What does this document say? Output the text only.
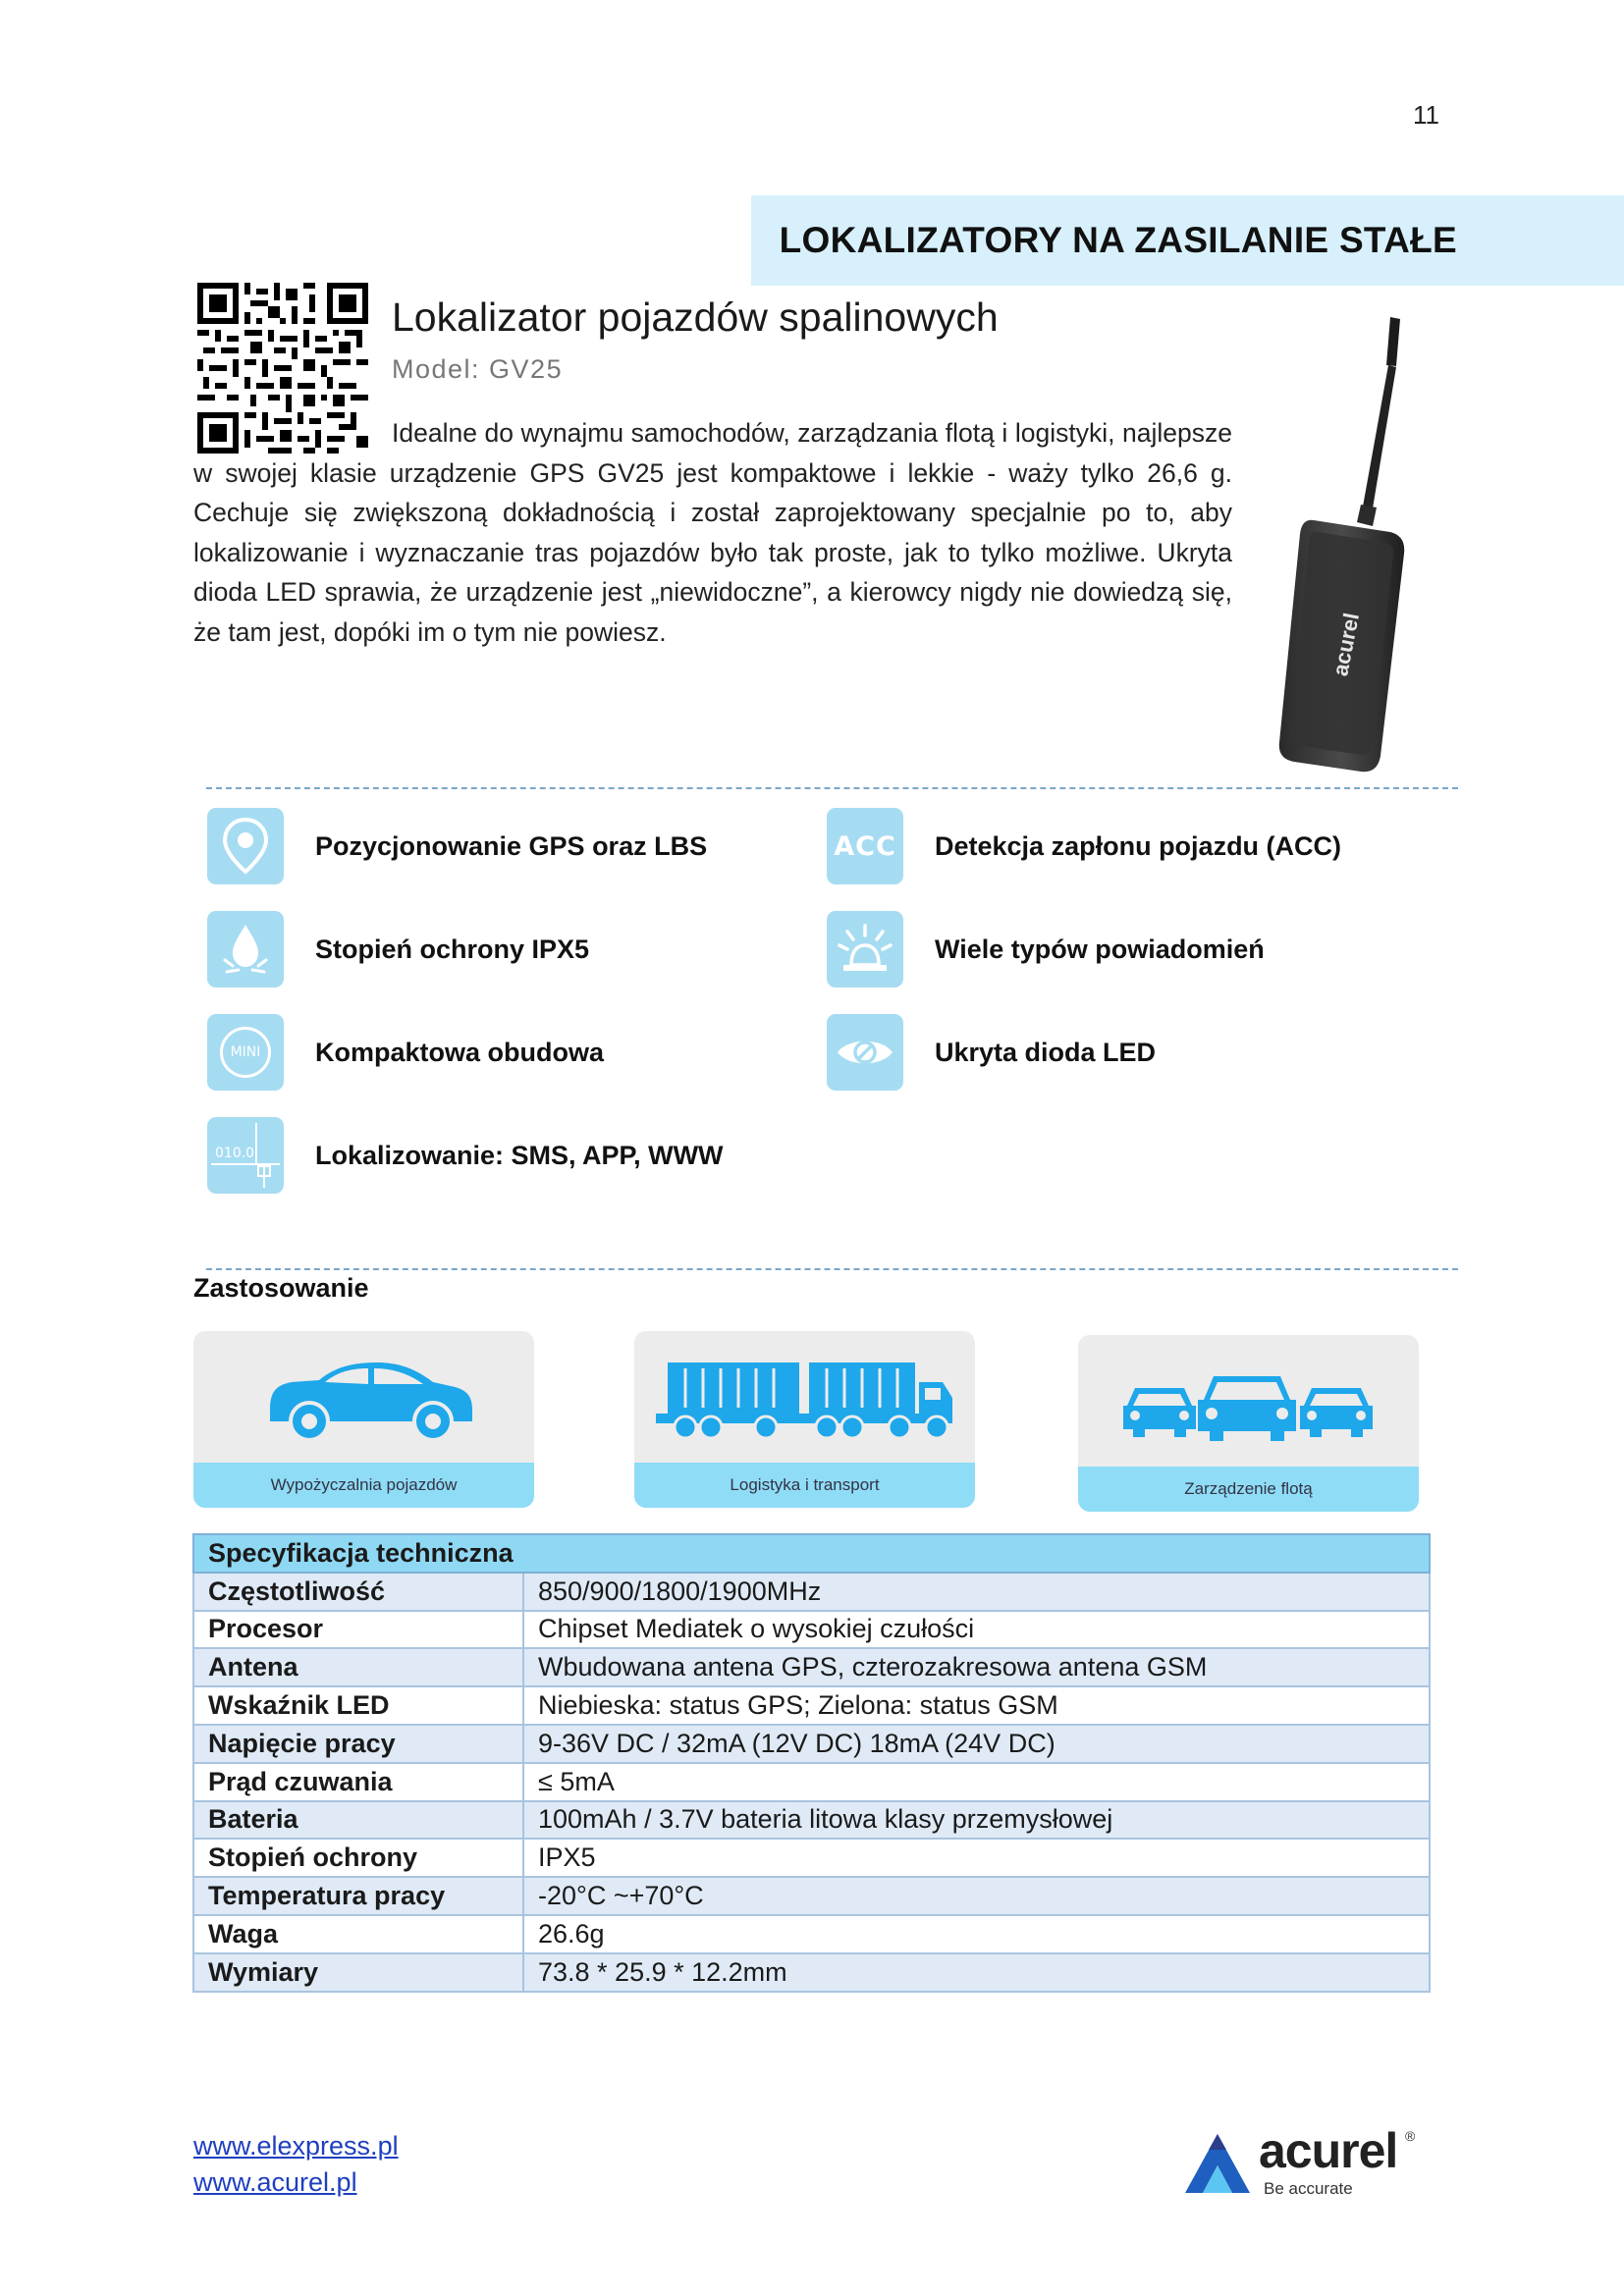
11
LOKALIZATORY NA ZASILANIE STAŁE
Lokalizator pojazdów spalinowych
Model: GV25

Idealne do wynajmu samochodów, zarządzania flotą i logistyki, najlepsze w swojej klasie urządzenie GPS GV25 jest kompaktowe i lekkie - waży tylko 26,6 g. Cechuje się zwiększoną dokładnością i został zaprojektowany specjalnie po to, aby lokalizowanie i wyznaczanie tras pojazdów było tak proste, jak to tylko możliwe. Ukryta dioda LED sprawia, że urządzenie jest „niewidoczne”, a kierowcy nigdy nie dowiedzą się, że tam jest, dopóki im o tym nie powiesz.	acurel
Pozycjonowanie GPS oraz LBS	ACC Detekcja zapłonu pojazdu (ACC)
Stopień ochrony IPX5	Wiele typów powiadomień
MINI	Kompaktowa obudowa	Ukryta dioda LED
010.0 Lokalizowanie: SMS, APP, WWW
Zastosowanie
Wypożyczalnia pojazdów	Logistyka i transport	Zarządzenie flotą
Specyfikacja techniczna	
Częstotliwość	850/900/1800/1900MHz
Procesor	Chipset Mediatek o wysokiej czułości
Antena	Wbudowana antena GPS, czterozakresowa antena GSM
Wskaźnik LED	Niebieska: status GPS; Zielona: status GSM
Napięcie pracy	9-36V DC / 32mA (12V DC) 18mA (24V DC)
Prąd czuwania	≤ 5mA
Bateria	100mAh / 3.7V bateria litowa klasy przemysłowej
Stopień ochrony	IPX5
Temperatura pracy	-20°C ~+70°C
Waga	26.6g
Wymiary	73.8 * 25.9 * 12.2mm
www.elexpress.pl
www.acurel.pl
acurel ®
Be accurate
